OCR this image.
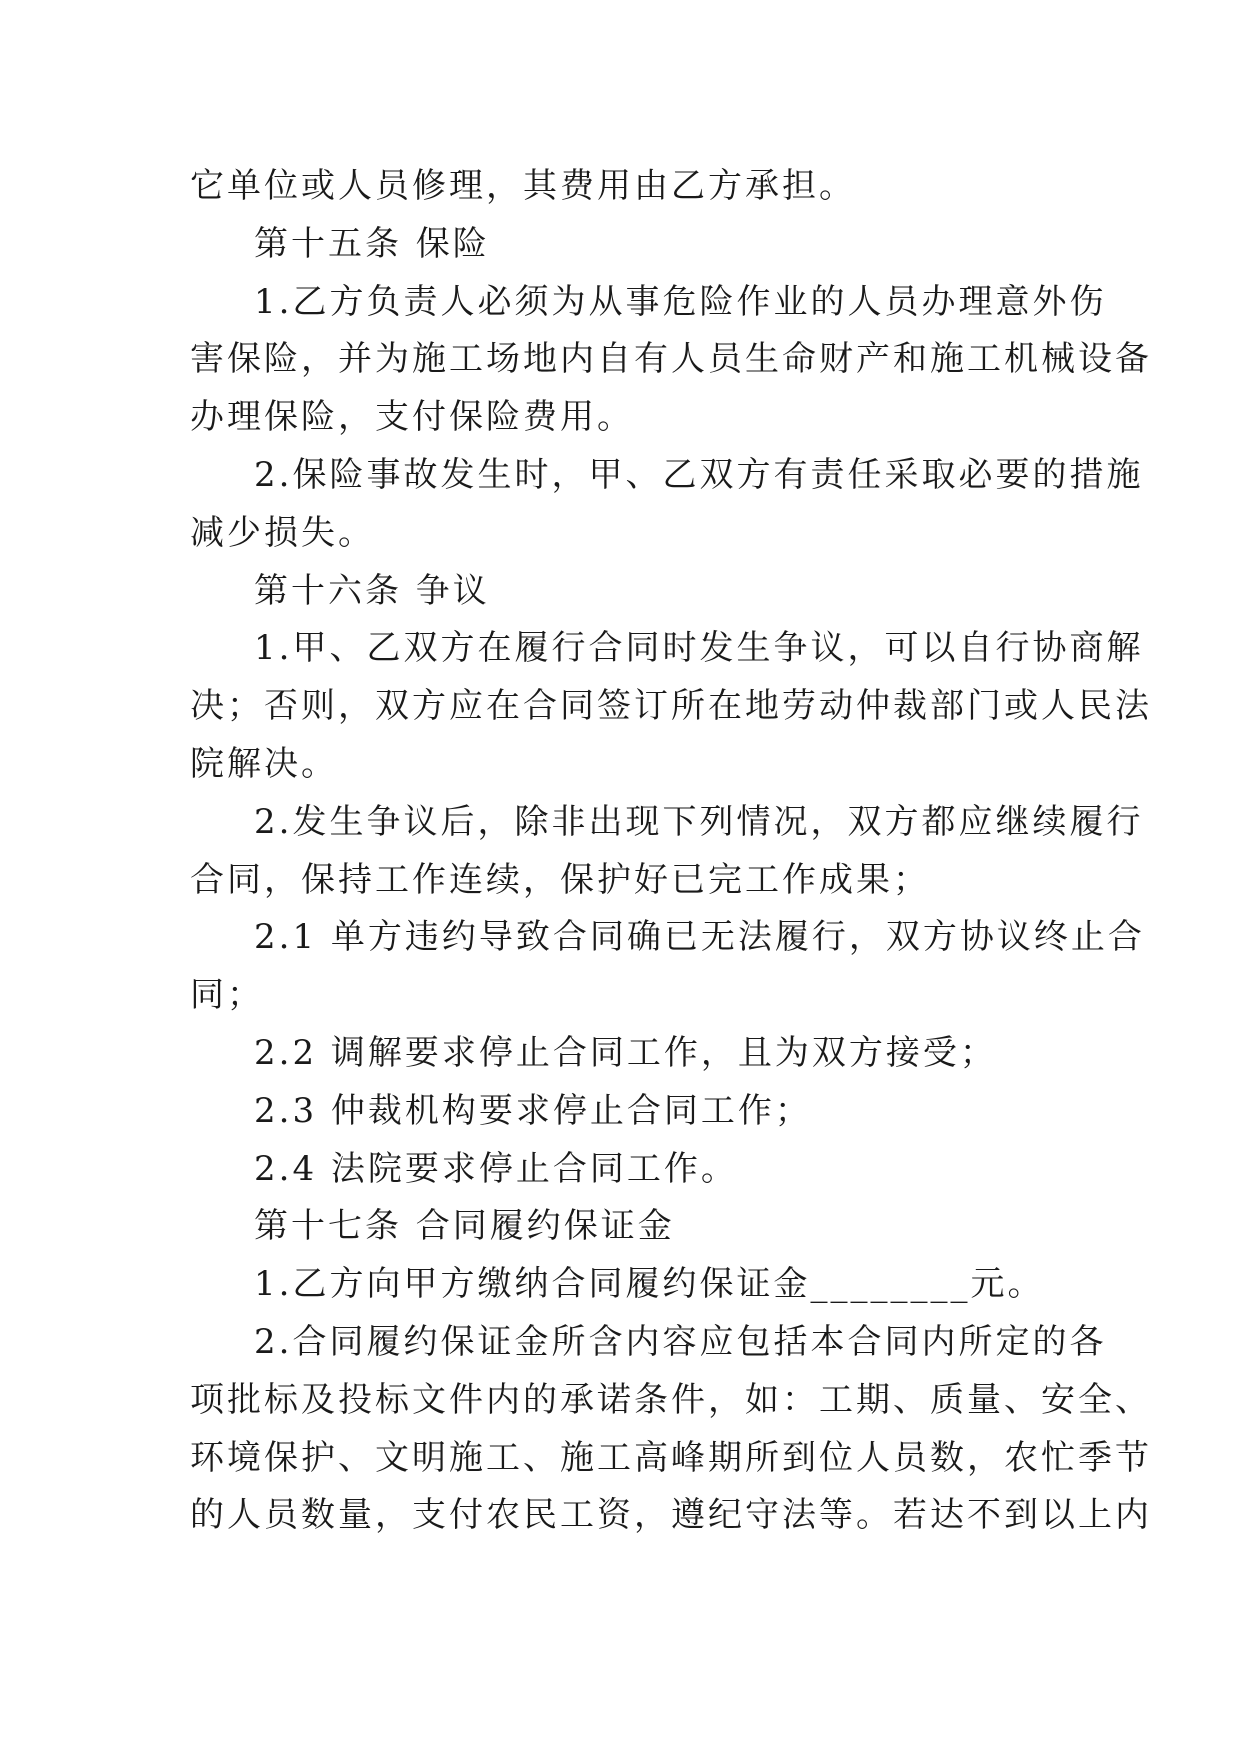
它单位或人员修理，其费用由乙方承担。
第十五条 保险
1.乙方负责人必须为从事危险作业的人员办理意外伤
害保险，并为施工场地内自有人员生命财产和施工机械设备
办理保险，支付保险费用。
2.保险事故发生时，甲、乙双方有责任采取必要的措施
减少损失。
第十六条 争议
1.甲、乙双方在履行合同时发生争议，可以自行协商解
决；否则，双方应在合同签订所在地劳动仲裁部门或人民法
院解决。
2.发生争议后，除非出现下列情况，双方都应继续履行
合同，保持工作连续，保护好已完工作成果；
2.1 单方违约导致合同确已无法履行，双方协议终止合
同；
2.2 调解要求停止合同工作，且为双方接受；
2.3 仲裁机构要求停止合同工作；
2.4 法院要求停止合同工作。
第十七条 合同履约保证金
1.乙方向甲方缴纳合同履约保证金________元。
2.合同履约保证金所含内容应包括本合同内所定的各
项批标及投标文件内的承诺条件，如：工期、质量、安全、
环境保护、文明施工、施工高峰期所到位人员数，农忙季节
的人员数量，支付农民工资，遵纪守法等。若达不到以上内
